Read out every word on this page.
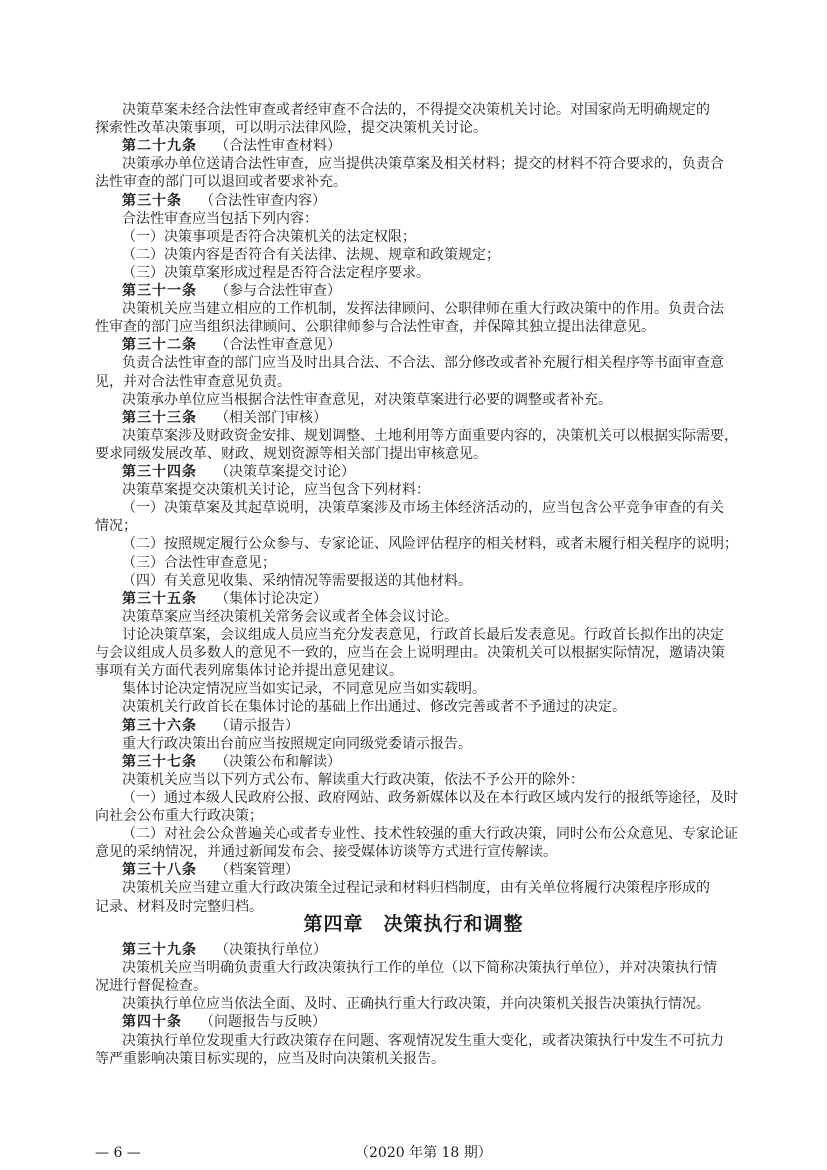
决策草案未经合法性审查或者经审查不合法的，不得提交决策机关讨论。对国家尚无明确规定的
探索性改革决策事项，可以明示法律风险，提交决策机关讨论。
第二十九条 （合法性审查材料）
决策承办单位送请合法性审查，应当提供决策草案及相关材料；提交的材料不符合要求的，负责合
法性审查的部门可以退回或者要求补充。
第三十条 （合法性审查内容）
合法性审查应当包括下列内容：
（一）决策事项是否符合决策机关的法定权限；
（二）决策内容是否符合有关法律、法规、规章和政策规定；
（三）决策草案形成过程是否符合法定程序要求。
第三十一条 （参与合法性审查）
决策机关应当建立相应的工作机制，发挥法律顾问、公职律师在重大行政决策中的作用。负责合法
性审查的部门应当组织法律顾问、公职律师参与合法性审查，并保障其独立提出法律意见。
第三十二条 （合法性审查意见）
负责合法性审查的部门应当及时出具合法、不合法、部分修改或者补充履行相关程序等书面审查意
见，并对合法性审查意见负责。
决策承办单位应当根据合法性审查意见，对决策草案进行必要的调整或者补充。
第三十三条 （相关部门审核）
决策草案涉及财政资金安排、规划调整、土地利用等方面重要内容的，决策机关可以根据实际需要，
要求同级发展改革、财政、规划资源等相关部门提出审核意见。
第三十四条 （决策草案提交讨论）
决策草案提交决策机关讨论，应当包含下列材料：
（一）决策草案及其起草说明，决策草案涉及市场主体经济活动的，应当包含公平竞争审查的有关
情况；
（二）按照规定履行公众参与、专家论证、风险评估程序的相关材料，或者未履行相关程序的说明；
（三）合法性审查意见；
（四）有关意见收集、采纳情况等需要报送的其他材料。
第三十五条 （集体讨论决定）
决策草案应当经决策机关常务会议或者全体会议讨论。
讨论决策草案，会议组成人员应当充分发表意见，行政首长最后发表意见。行政首长拟作出的决定
与会议组成人员多数人的意见不一致的，应当在会上说明理由。决策机关可以根据实际情况，邀请决策
事项有关方面代表列席集体讨论并提出意见建议。
集体讨论决定情况应当如实记录，不同意见应当如实载明。
决策机关行政首长在集体讨论的基础上作出通过、修改完善或者不予通过的决定。
第三十六条 （请示报告）
重大行政决策出台前应当按照规定向同级党委请示报告。
第三十七条 （决策公布和解读）
决策机关应当以下列方式公布、解读重大行政决策，依法不予公开的除外：
（一）通过本级人民政府公报、政府网站、政务新媒体以及在本行政区域内发行的报纸等途径，及时
向社会公布重大行政决策；
（二）对社会公众普遍关心或者专业性、技术性较强的重大行政决策，同时公布公众意见、专家论证
意见的采纳情况，并通过新闻发布会、接受媒体访谈等方式进行宣传解读。
第三十八条 （档案管理）
决策机关应当建立重大行政决策全过程记录和材料归档制度，由有关单位将履行决策程序形成的
记录、材料及时完整归档。
第四章　决策执行和调整
第三十九条 （决策执行单位）
决策机关应当明确负责重大行政决策执行工作的单位（以下简称决策执行单位），并对决策执行情
况进行督促检查。
决策执行单位应当依法全面、及时、正确执行重大行政决策，并向决策机关报告决策执行情况。
第四十条 （问题报告与反映）
决策执行单位发现重大行政决策存在问题、客观情况发生重大变化，或者决策执行中发生不可抗力
等严重影响决策目标实现的，应当及时向决策机关报告。
— 6 —	（2020 年第 18 期）
